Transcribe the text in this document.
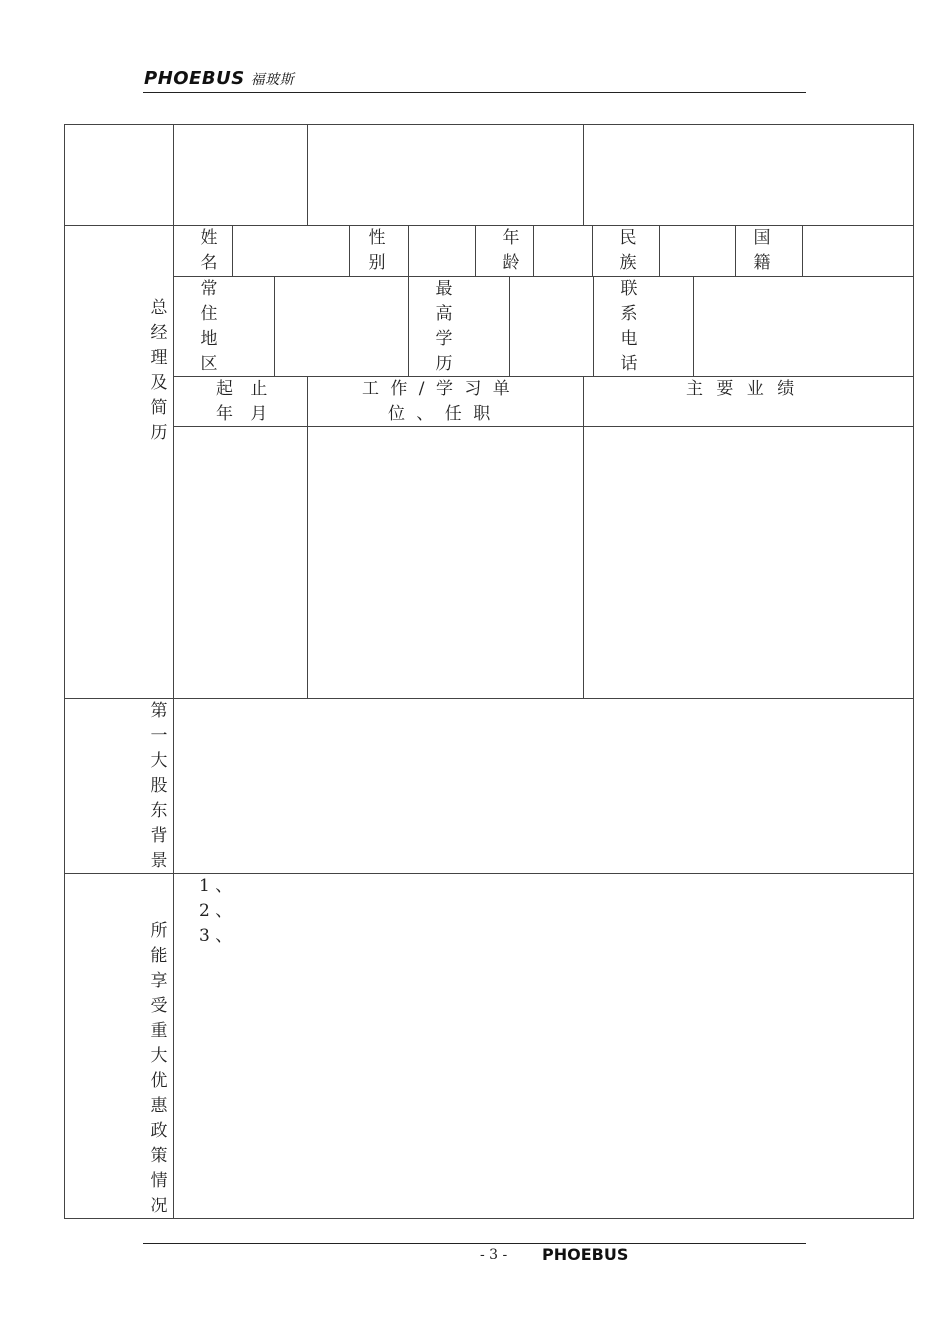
PHOEBUS 福玻斯
总经理及简历
姓名
性别
年龄
民族
国籍
常住地区
最高学历
联系电话
起 止
年 月
工 作 / 学 习 单
位 、 任 职
主 要 业 绩
第一大股东背景
所能享受重大优惠政策情况
1 、
2 、
3 、
- 3 - PHOEBUS
